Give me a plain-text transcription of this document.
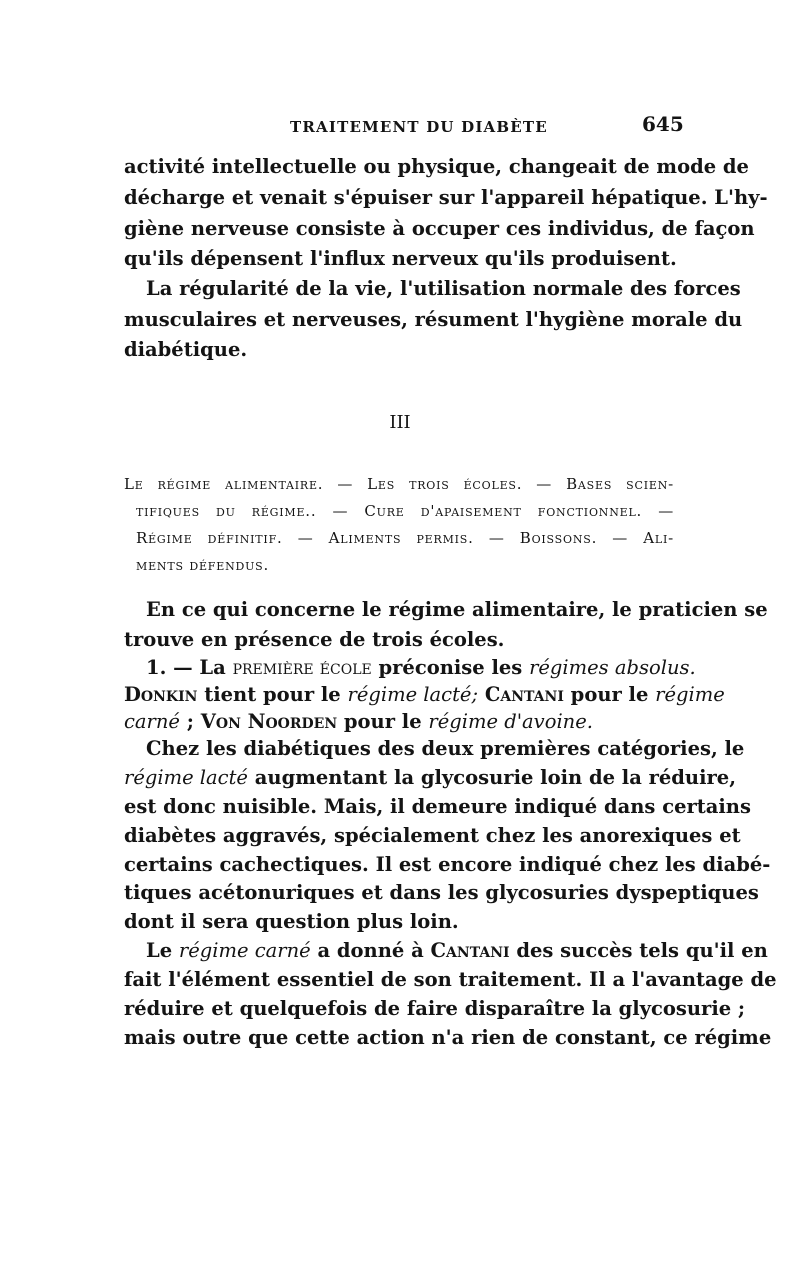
TRAITEMENT DU DIABÈTE	645
activité intellectuelle ou physique, changeait de mode de
décharge et venait s'épuiser sur l'appareil hépatique. L'hy-
giène nerveuse consiste à occuper ces individus, de façon
qu'ils dépensent l'influx nerveux qu'ils produisent.
La régularité de la vie, l'utilisation normale des forces
musculaires et nerveuses, résument l'hygiène morale du
diabétique.
III
Le régime alimentaire. — Les trois écoles. — Bases scien-
tifiques du régime.. — Cure d'apaisement fonctionnel. —
Régime définitif. — Aliments permis. — Boissons. — Ali-
ments défendus.
En ce qui concerne le régime alimentaire, le praticien se
trouve en présence de trois écoles.
1. — La première école préconise les régimes absolus.
Donkin tient pour le régime lacté; Cantani pour le régime
carné ; Von Noorden pour le régime d'avoine.
Chez les diabétiques des deux premières catégories, le
régime lacté augmentant la glycosurie loin de la réduire,
est donc nuisible. Mais, il demeure indiqué dans certains
diabètes aggravés, spécialement chez les anorexiques et
certains cachectiques. Il est encore indiqué chez les diabé-
tiques acétonuriques et dans les glycosuries dyspeptiques
dont il sera question plus loin.
Le régime carné a donné à Cantani des succès tels qu'il en
fait l'élément essentiel de son traitement. Il a l'avantage de
réduire et quelquefois de faire disparaître la glycosurie ;
mais outre que cette action n'a rien de constant, ce régime
